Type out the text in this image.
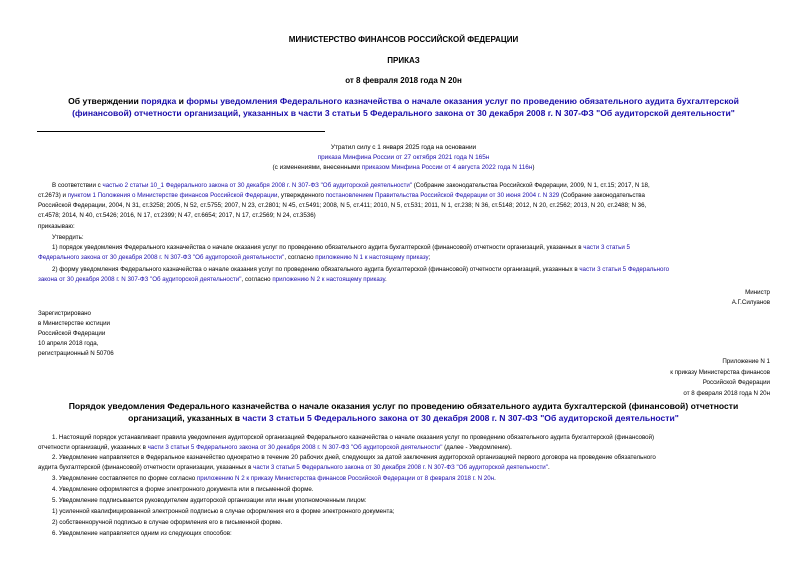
МИНИСТЕРСТВО ФИНАНСОВ РОССИЙСКОЙ ФЕДЕРАЦИИ
ПРИКАЗ
от 8 февраля 2018 года N 20н
Об утверждении порядка и формы уведомления Федерального казначейства о начале оказания услуг по проведению обязательного аудита бухгалтерской
(финансовой) отчетности организаций, указанных в части 3 статьи 5 Федерального закона от 30 декабря 2008 г. N 307-ФЗ "Об аудиторской деятельности"
Утратил силу с 1 января 2025 года на основании
приказа Минфина России от 27 октября 2021 года N 165н
(с изменениями, внесенными приказом Минфина России от 4 августа 2022 года N 116н)
В соответствии с частью 2 статьи 10_1 Федерального закона от 30 декабря 2008 г. N 307-ФЗ "Об аудиторской деятельности" (Собрание законодательства Российской Федерации, 2009, N 1, ст.15; 2017, N 18,
ст.2673) и пунктом 1 Положения о Министерстве финансов Российской Федерации, утвержденного постановлением Правительства Российской Федерации от 30 июня 2004 г. N 329 (Собрание законодательства
Российской Федерации, 2004, N 31, ст.3258; 2005, N 52, ст.5755; 2007, N 23, ст.2801; N 45, ст.5491; 2008, N 5, ст.411; 2010, N 5, ст.531; 2011, N 1, ст.238; N 36, ст.5148; 2012, N 20, ст.2562; 2013, N 20, ст.2488; N 36,
ст.4578; 2014, N 40, ст.5426; 2016, N 17, ст.2399; N 47, ст.6654; 2017, N 17, ст.2569; N 24, ст.3536)
приказываю:
Утвердить:
1) порядок уведомления Федерального казначейства о начале оказания услуг по проведению обязательного аудита бухгалтерской (финансовой) отчетности организаций, указанных в части 3 статьи 5
Федерального закона от 30 декабря 2008 г. N 307-ФЗ "Об аудиторской деятельности", согласно приложению N 1 к настоящему приказу;
2) форму уведомления Федерального казначейства о начале оказания услуг по проведению обязательного аудита бухгалтерской (финансовой) отчетности организаций, указанных в части 3 статьи 5 Федерального
закона от 30 декабря 2008 г. N 307-ФЗ "Об аудиторской деятельности", согласно приложению N 2 к настоящему приказу.
Министр
А.Г.Силуанов
Зарегистрировано
в Министерстве юстиции
Российской Федерации
10 апреля 2018 года,
регистрационный N 50706
Приложение N 1
к приказу Министерства финансов
Российской Федерации
от 8 февраля 2018 года N 20н
Порядок уведомления Федерального казначейства о начале оказания услуг по проведению обязательного аудита бухгалтерской (финансовой) отчетности
организаций, указанных в части 3 статьи 5 Федерального закона от 30 декабря 2008 г. N 307-ФЗ "Об аудиторской деятельности"
1. Настоящий порядок устанавливает правила уведомления аудиторской организацией Федерального казначейства о начале оказания услуг по проведению обязательного аудита бухгалтерской (финансовой)
отчетности организаций, указанных в части 3 статьи 5 Федерального закона от 30 декабря 2008 г. N 307-ФЗ "Об аудиторской деятельности" (далее - Уведомление).
2. Уведомление направляется в Федеральное казначейство однократно в течение 20 рабочих дней, следующих за датой заключения аудиторской организацией первого договора на проведение обязательного
аудита бухгалтерской (финансовой) отчетности организации, указанных в части 3 статьи 5 Федерального закона от 30 декабря 2008 г. N 307-ФЗ "Об аудиторской деятельности".
3. Уведомление составляется по форме согласно приложению N 2 к приказу Министерства финансов Российской Федерации от 8 февраля 2018 г. N 20н.
4. Уведомление оформляется в форме электронного документа или в письменной форме.
5. Уведомление подписывается руководителем аудиторской организации или иным уполномоченным лицом:
1) усиленной квалифицированной электронной подписью в случае оформления его в форме электронного документа;
2) собственноручной подписью в случае оформления его в письменной форме.
6. Уведомление направляется одним из следующих способов:
